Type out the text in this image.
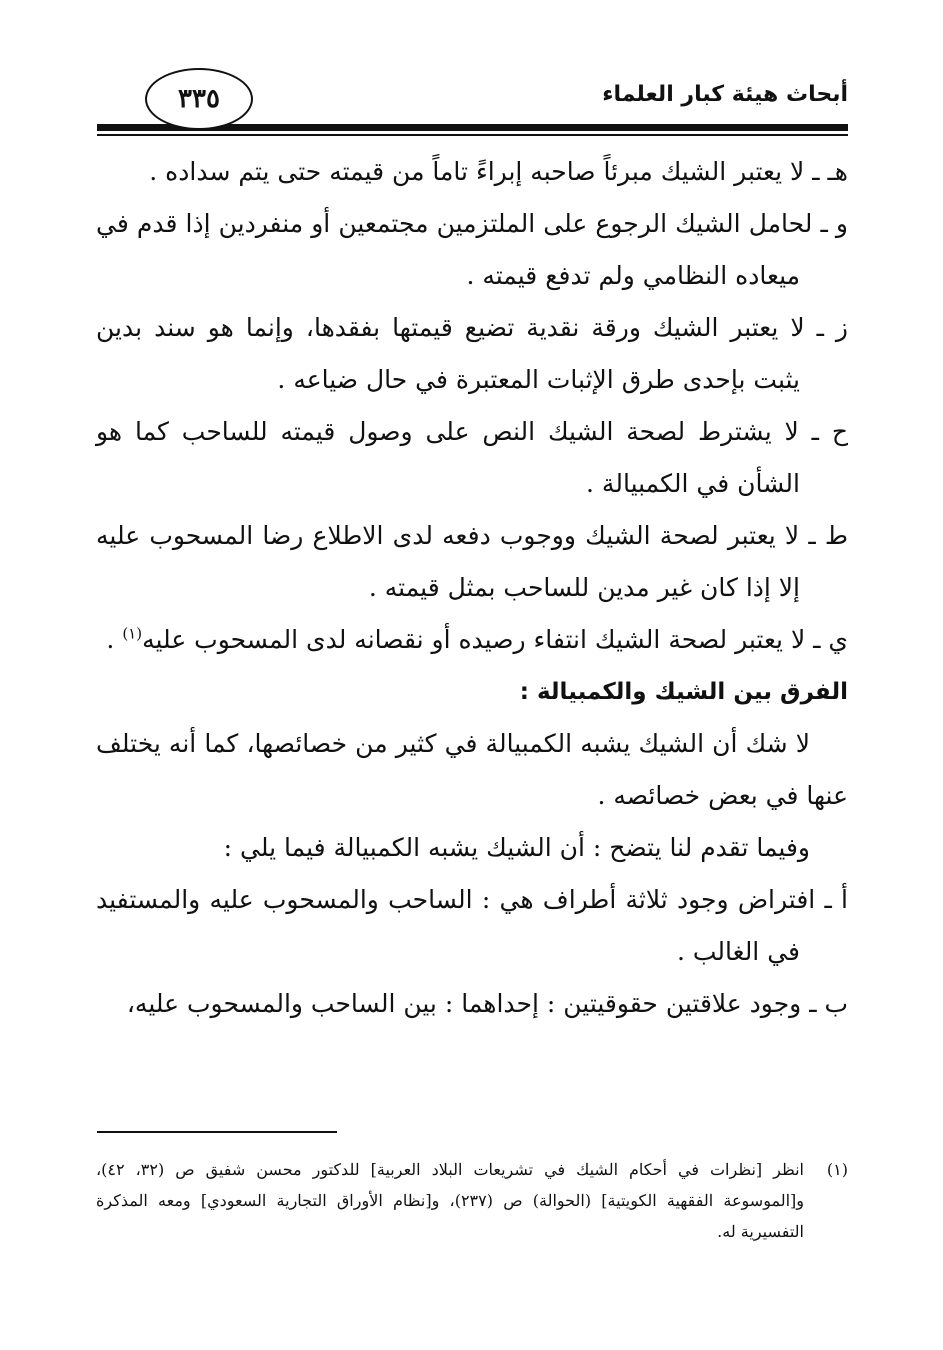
أبحاث هيئة كبار العلماء
٣٣٥

هـ ـ لا يعتبر الشيك مبرئاً صاحبه إبراءً تاماً من قيمته حتى يتم سداده .

و ـ لحامل الشيك الرجوع على الملتزمين مجتمعين أو منفردين إذا قدم في ميعاده النظامي ولم تدفع قيمته .

ز ـ لا يعتبر الشيك ورقة نقدية تضيع قيمتها بفقدها، وإنما هو سند بدين يثبت بإحدى طرق الإثبات المعتبرة في حال ضياعه .

ح ـ لا يشترط لصحة الشيك النص على وصول قيمته للساحب كما هو الشأن في الكمبيالة .

ط ـ لا يعتبر لصحة الشيك ووجوب دفعه لدى الاطلاع رضا المسحوب عليه إلا إذا كان غير مدين للساحب بمثل قيمته .

ي ـ لا يعتبر لصحة الشيك انتفاء رصيده أو نقصانه لدى المسحوب عليه$^{(١)}$ .

الفرق بين الشيك والكمبيالة :

لا شك أن الشيك يشبه الكمبيالة في كثير من خصائصها، كما أنه يختلف عنها في بعض خصائصه .

وفيما تقدم لنا يتضح : أن الشيك يشبه الكمبيالة فيما يلي :

أ ـ افتراض وجود ثلاثة أطراف هي : الساحب والمسحوب عليه والمستفيد في الغالب .

ب ـ وجود علاقتين حقوقيتين : إحداهما : بين الساحب والمسحوب عليه،

(١)
انظر [نظرات في أحكام الشيك في تشريعات البلاد العربية] للدكتور محسن شفيق ص (٣٢، ٤٢)، و[الموسوعة الفقهية الكويتية] (الحوالة) ص (٢٣٧)، و[نظام الأوراق التجارية السعودي] ومعه المذكرة التفسيرية له.
